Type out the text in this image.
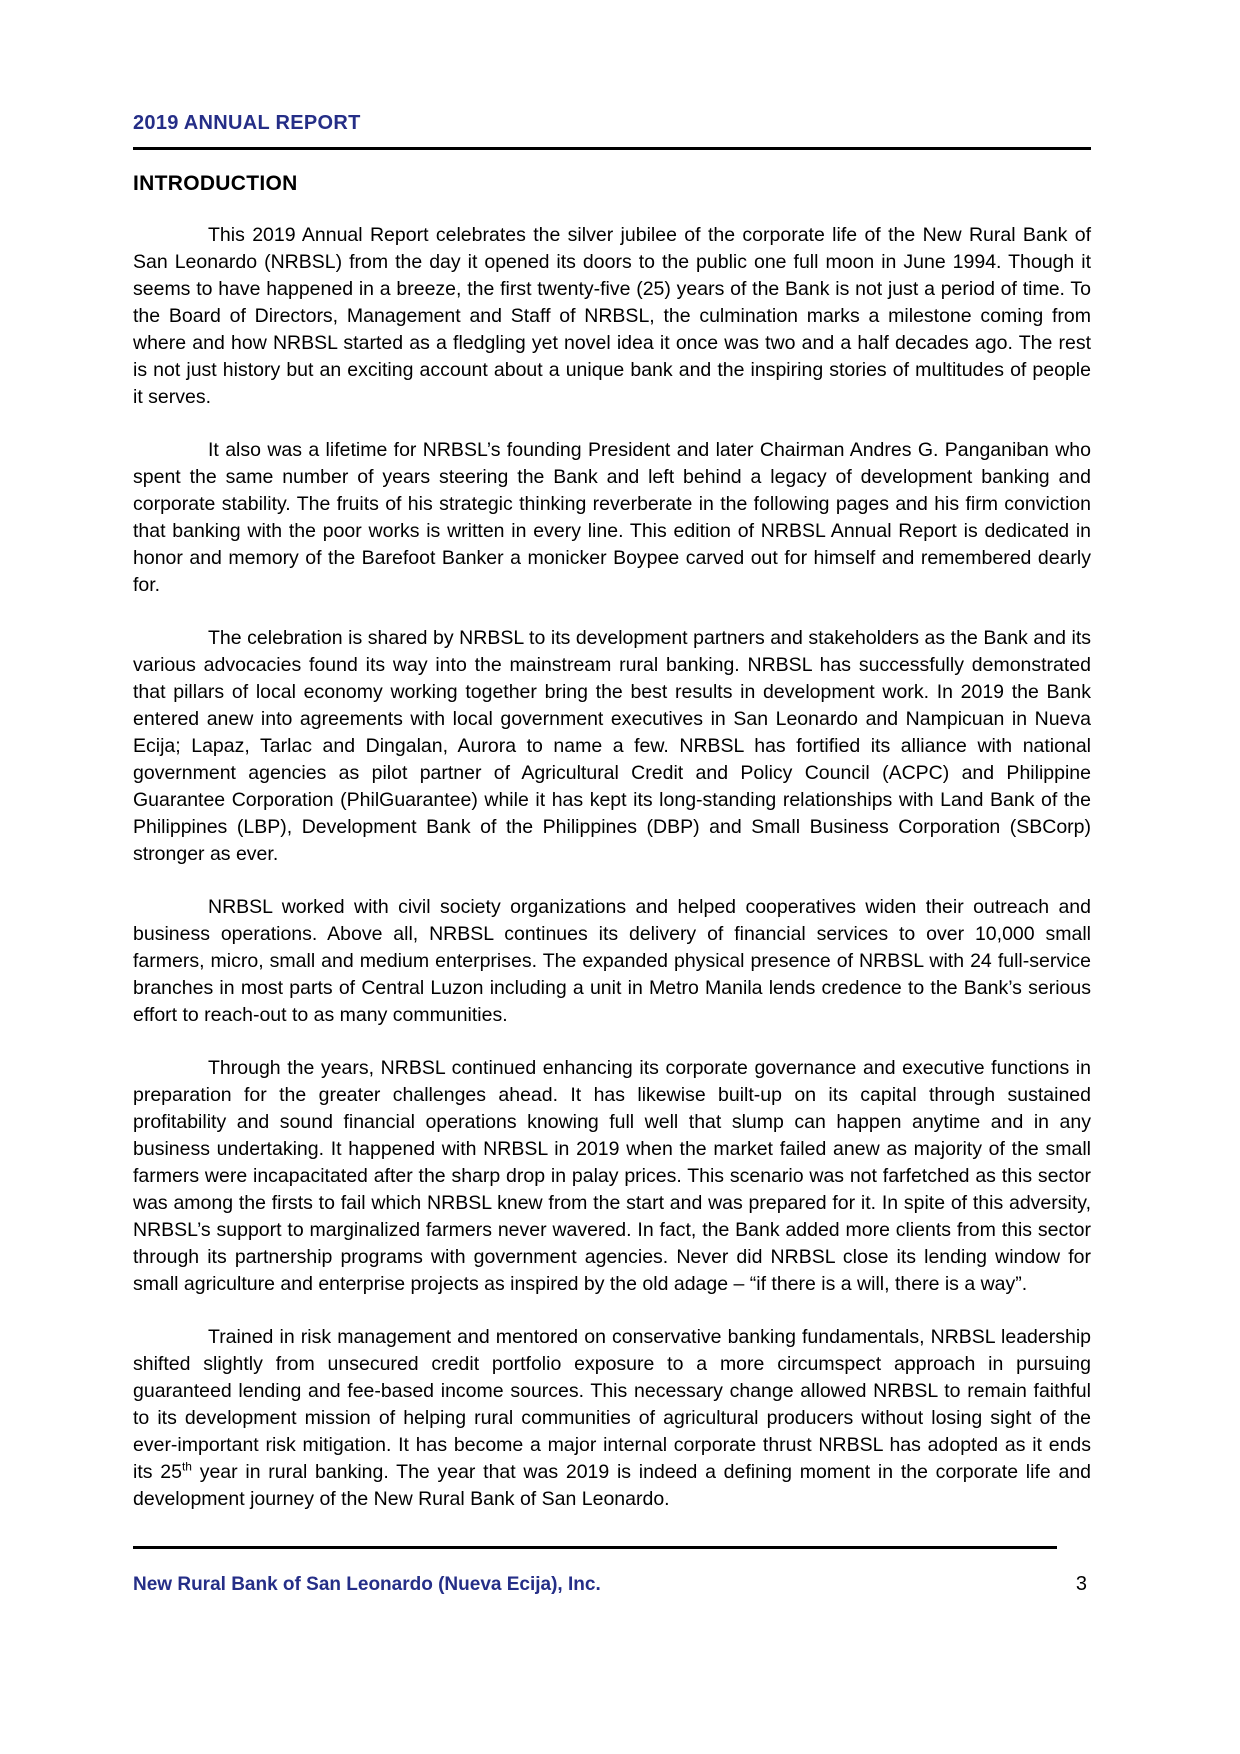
2019 ANNUAL REPORT
INTRODUCTION

This 2019 Annual Report celebrates the silver jubilee of the corporate life of the New Rural Bank of San Leonardo (NRBSL) from the day it opened its doors to the public one full moon in June 1994. Though it seems to have happened in a breeze, the first twenty-five (25) years of the Bank is not just a period of time. To the Board of Directors, Management and Staff of NRBSL, the culmination marks a milestone coming from where and how NRBSL started as a fledgling yet novel idea it once was two and a half decades ago. The rest is not just history but an exciting account about a unique bank and the inspiring stories of multitudes of people it serves.

It also was a lifetime for NRBSL’s founding President and later Chairman Andres G. Panganiban who spent the same number of years steering the Bank and left behind a legacy of development banking and corporate stability. The fruits of his strategic thinking reverberate in the following pages and his firm conviction that banking with the poor works is written in every line. This edition of NRBSL Annual Report is dedicated in honor and memory of the Barefoot Banker a monicker Boypee carved out for himself and remembered dearly for.

The celebration is shared by NRBSL to its development partners and stakeholders as the Bank and its various advocacies found its way into the mainstream rural banking. NRBSL has successfully demonstrated that pillars of local economy working together bring the best results in development work. In 2019 the Bank entered anew into agreements with local government executives in San Leonardo and Nampicuan in Nueva Ecija; Lapaz, Tarlac and Dingalan, Aurora to name a few. NRBSL has fortified its alliance with national government agencies as pilot partner of Agricultural Credit and Policy Council (ACPC) and Philippine Guarantee Corporation (PhilGuarantee) while it has kept its long-standing relationships with Land Bank of the Philippines (LBP), Development Bank of the Philippines (DBP) and Small Business Corporation (SBCorp) stronger as ever.

NRBSL worked with civil society organizations and helped cooperatives widen their outreach and business operations. Above all, NRBSL continues its delivery of financial services to over 10,000 small farmers, micro, small and medium enterprises. The expanded physical presence of NRBSL with 24 full-service branches in most parts of Central Luzon including a unit in Metro Manila lends credence to the Bank’s serious effort to reach-out to as many communities.

Through the years, NRBSL continued enhancing its corporate governance and executive functions in preparation for the greater challenges ahead. It has likewise built-up on its capital through sustained profitability and sound financial operations knowing full well that slump can happen anytime and in any business undertaking. It happened with NRBSL in 2019 when the market failed anew as majority of the small farmers were incapacitated after the sharp drop in palay prices. This scenario was not farfetched as this sector was among the firsts to fail which NRBSL knew from the start and was prepared for it. In spite of this adversity, NRBSL’s support to marginalized farmers never wavered. In fact, the Bank added more clients from this sector through its partnership programs with government agencies. Never did NRBSL close its lending window for small agriculture and enterprise projects as inspired by the old adage – “if there is a will, there is a way”.

Trained in risk management and mentored on conservative banking fundamentals, NRBSL leadership shifted slightly from unsecured credit portfolio exposure to a more circumspect approach in pursuing guaranteed lending and fee-based income sources. This necessary change allowed NRBSL to remain faithful to its development mission of helping rural communities of agricultural producers without losing sight of the ever-important risk mitigation. It has become a major internal corporate thrust NRBSL has adopted as it ends its 25th year in rural banking. The year that was 2019 is indeed a defining moment in the corporate life and development journey of the New Rural Bank of San Leonardo.

New Rural Bank of San Leonardo (Nueva Ecija), Inc.	3
